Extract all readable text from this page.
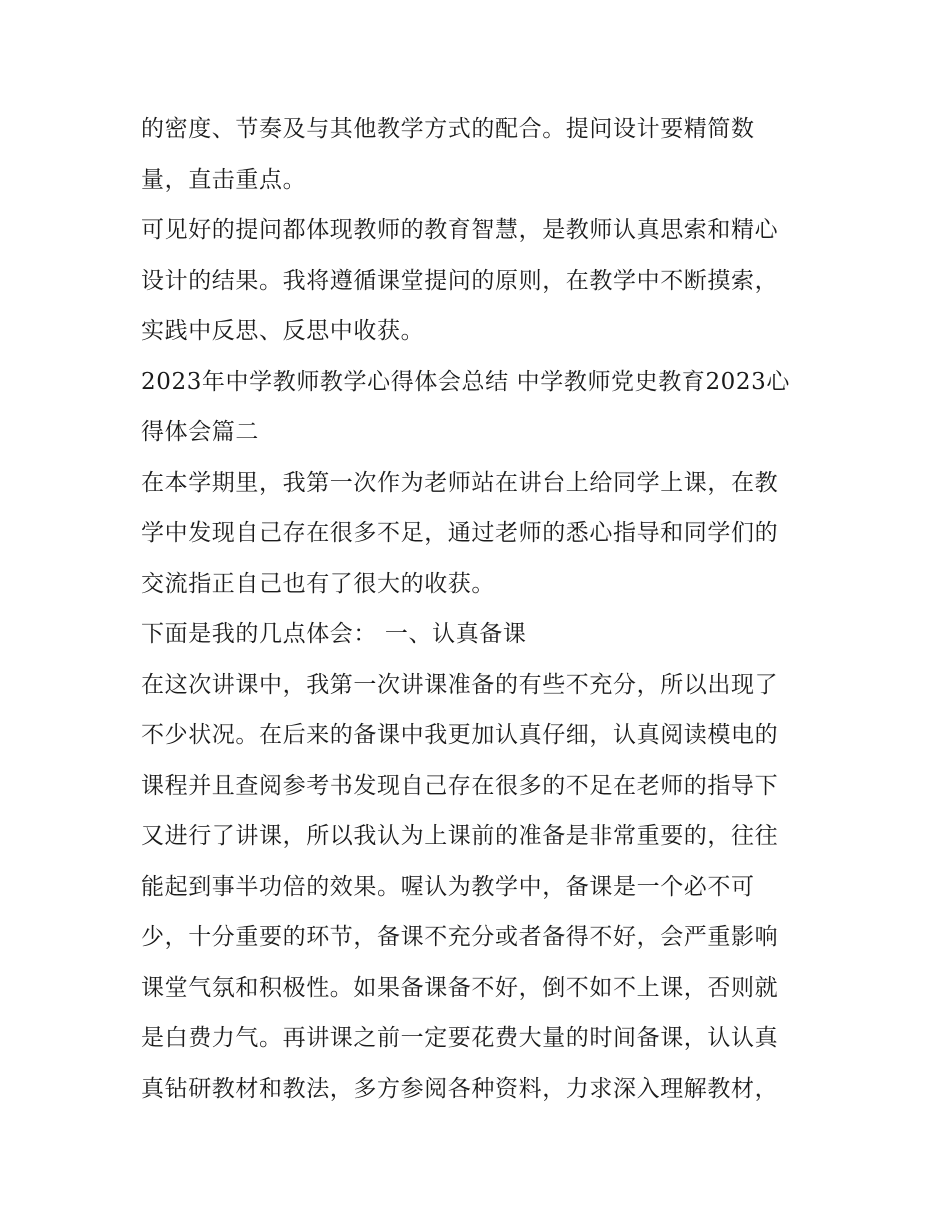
的密度、节奏及与其他教学方式的配合。提问设计要精简数

量，直击重点。

可见好的提问都体现教师的教育智慧，是教师认真思索和精心

设计的结果。我将遵循课堂提问的原则，在教学中不断摸索，

实践中反思、反思中收获。

2023年中学教师教学心得体会总结 中学教师党史教育2023心

得体会篇二

在本学期里，我第一次作为老师站在讲台上给同学上课，在教

学中发现自己存在很多不足，通过老师的悉心指导和同学们的

交流指正自己也有了很大的收获。

下面是我的几点体会： 一、认真备课

在这次讲课中，我第一次讲课准备的有些不充分，所以出现了

不少状况。在后来的备课中我更加认真仔细，认真阅读模电的

课程并且查阅参考书发现自己存在很多的不足在老师的指导下

又进行了讲课，所以我认为上课前的准备是非常重要的，往往

能起到事半功倍的效果。喔认为教学中，备课是一个必不可

少，十分重要的环节，备课不充分或者备得不好，会严重影响

课堂气氛和积极性。如果备课备不好，倒不如不上课，否则就

是白费力气。再讲课之前一定要花费大量的时间备课，认认真

真钻研教材和教法，多方参阅各种资料，力求深入理解教材，
